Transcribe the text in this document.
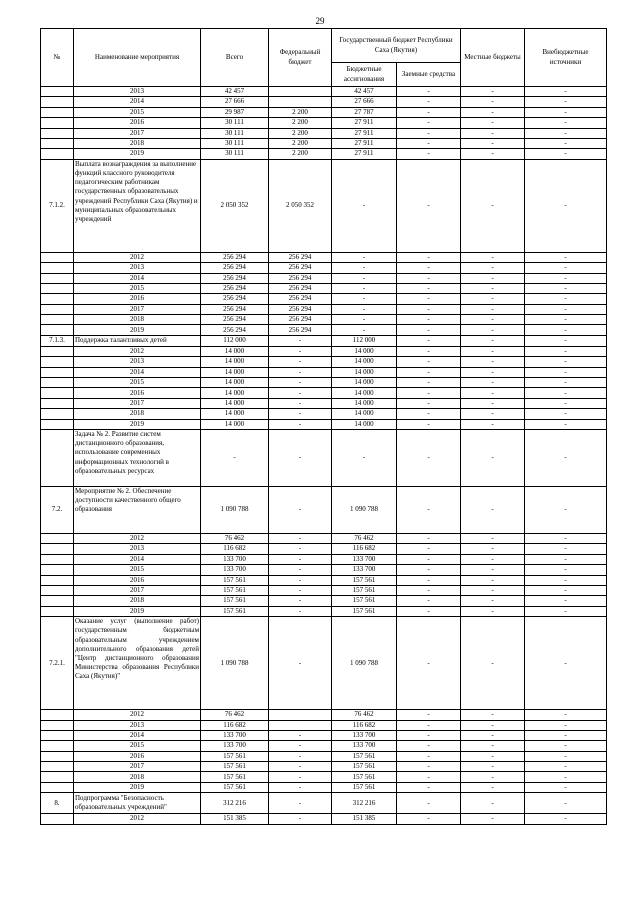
29
№	Наименование мероприятия	Всего	Федеральный бюджет	Государственный бюджет Республики Саха (Якутия)		Местные бюджеты	Внебюджетные источники
				Бюджетные ассигнования	Заемные средства		
	2013	42 457		42 457	-	-	-
	2014	27 666		27 666	-	-	-
	2015	29 987	2 200	27 787	-	-	-
	2016	30 111	2 200	27 911	-	-	-
	2017	30 111	2 200	27 911	-	-	-
	2018	30 111	2 200	27 911	-	-	-
	2019	30 111	2 200	27 911	-	-	-
7.1.2.	Выплата вознаграждения за выполнение функций классного руководителя педагогическим работникам государственных образовательных учреждений Республики Саха (Якутия) и муниципальных образовательных учреждений	2 050 352	2 050 352	-	-	-	-
	2012	256 294	256 294	-	-	-	-
	2013	256 294	256 294	-	-	-	-
	2014	256 294	256 294	-	-	-	-
	2015	256 294	256 294	-	-	-	-
	2016	256 294	256 294	-	-	-	-
	2017	256 294	256 294	-	-	-	-
	2018	256 294	256 294	-	-	-	-
	2019	256 294	256 294	-	-	-	-
7.1.3.	Поддержка талантливых детей	112 000	-	112 000	-	-	-
	2012	14 000	-	14 000	-	-	-
	2013	14 000	-	14 000	-	-	-
	2014	14 000	-	14 000	-	-	-
	2015	14 000	-	14 000	-	-	-
	2016	14 000	-	14 000	-	-	-
	2017	14 000	-	14 000	-	-	-
	2018	14 000	-	14 000	-	-	-
	2019	14 000	-	14 000	-	-	-
	Задача № 2. Развитие систем дистанционного образования, использование современных информационных технологий в образовательных ресурсах	-	-	-	-	-	-
7.2.	Мероприятие № 2. Обеспечение доступности качественного общего образования	1 090 788	-	1 090 788	-	-	-
	2012	76 462	-	76 462	-	-	-
	2013	116 682	-	116 682	-	-	-
	2014	133 700	-	133 700	-	-	-
	2015	133 700	-	133 700	-	-	-
	2016	157 561	-	157 561	-	-	-
	2017	157 561	-	157 561	-	-	-
	2018	157 561	-	157 561	-	-	-
	2019	157 561	-	157 561	-	-	-
7.2.1.	Оказание услуг (выполнение работ) государственным бюджетным образовательным учреждением дополнительного образования детей "Центр дистанционного образования Министерства образования Республики Саха (Якутия)"	1 090 788	-	1 090 788	-	-	-
	2012	76 462		76 462	-	-	-
	2013	116 682		116 682	-	-	-
	2014	133 700	-	133 700	-	-	-
	2015	133 700	-	133 700	-	-	-
	2016	157 561	-	157 561	-	-	-
	2017	157 561	-	157 561	-	-	-
	2018	157 561	-	157 561	-	-	-
	2019	157 561	-	157 561	-	-	-
8.	Подпрограмма "Безопасность образовательных учреждений"	312 216	-	312 216	-	-	-
	2012	151 385	-	151 385	-	-	-
